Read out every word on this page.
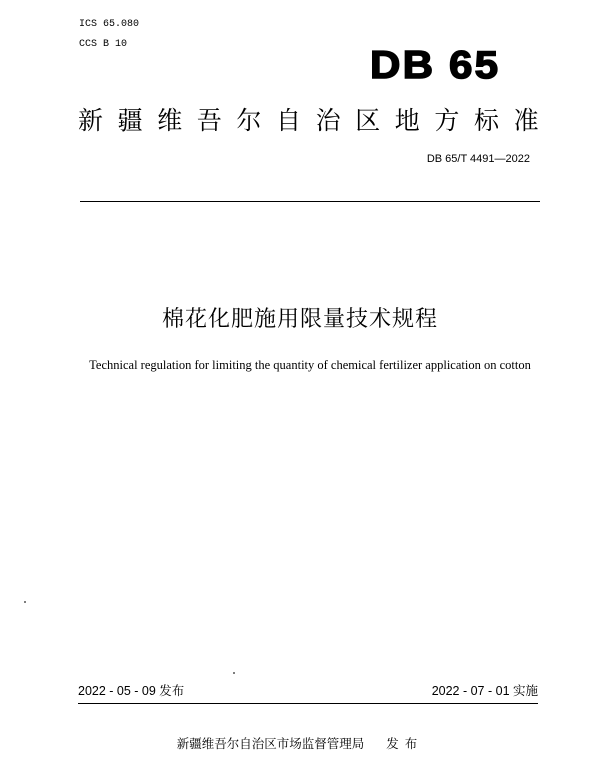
ICS 65.080
CCS B 10	DB 65
新疆维吾尔自治区地方标准
DB 65/T 4491—2022
棉花化肥施用限量技术规程
Technical regulation for limiting the quantity of chemical fertilizer application on cotton
2022 - 05 - 09 发布	2022 - 07 - 01 实施
新疆维吾尔自治区市场监督管理局 发布
